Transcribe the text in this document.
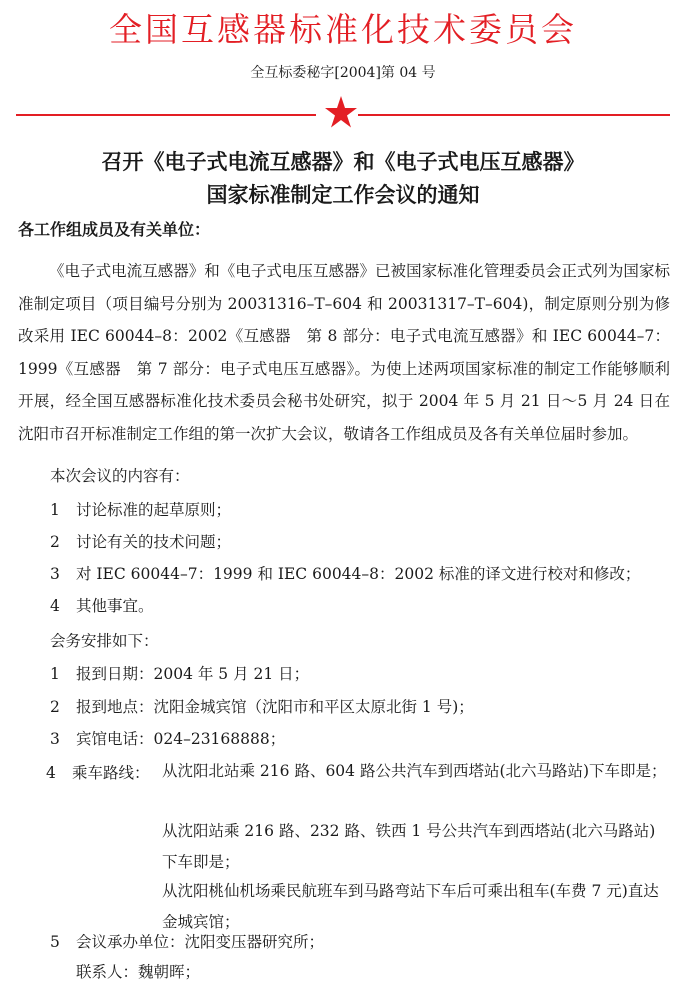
全国互感器标准化技术委员会
全互标委秘字[2004]第 04 号
召开《电子式电流互感器》和《电子式电压互感器》
国家标准制定工作会议的通知
各工作组成员及有关单位：
《电子式电流互感器》和《电子式电压互感器》已被国家标准化管理委员会正式列为国家标准制定项目（项目编号分别为 20031316–T–604 和 20031317–T–604)，制定原则分别为修改采用 IEC 60044–8：2002《互感器　第 8 部分：电子式电流互感器》和 IEC 60044–7：1999《互感器　第 7 部分：电子式电压互感器》。为使上述两项国家标准的制定工作能够顺利开展，经全国互感器标准化技术委员会秘书处研究，拟于 2004 年 5 月 21 日～5 月 24 日在沈阳市召开标准制定工作组的第一次扩大会议，敬请各工作组成员及各有关单位届时参加。
本次会议的内容有：
1 讨论标准的起草原则；
2 讨论有关的技术问题；
3 对 IEC 60044–7：1999 和 IEC 60044–8：2002 标准的译文进行校对和修改；
4 其他事宜。
会务安排如下：
1 报到日期：2004 年 5 月 21 日；
2 报到地点：沈阳金城宾馆（沈阳市和平区太原北街 1 号)；
3 宾馆电话：024–23168888；
4 乘车路线： 从沈阳北站乘 216 路、604 路公共汽车到西塔站(北六马路站)下车即是；
从沈阳站乘 216 路、232 路、铁西 1 号公共汽车到西塔站(北六马路站)下车即是；
从沈阳桃仙机场乘民航班车到马路弯站下车后可乘出租车(车费 7 元)直达金城宾馆；
5 会议承办单位：沈阳变压器研究所；
联系人：魏朝晖；
